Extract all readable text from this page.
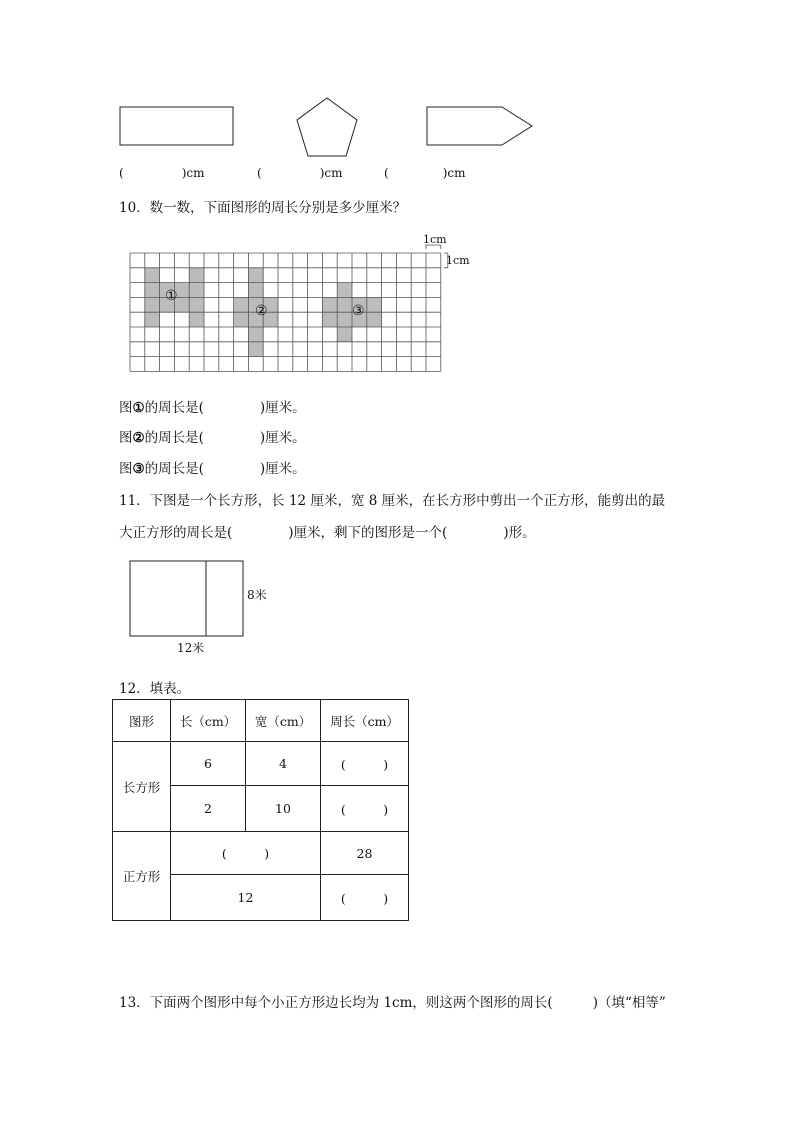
(	)cm	(	)cm	(	)cm
10．数一数，下面图形的周长分别是多少厘米？
1cm
1cm
①
②	③
图①的周长是(	)厘米。
图②的周长是(	)厘米。
图③的周长是(	)厘米。
11．下图是一个长方形，长 12 厘米，宽 8 厘米，在长方形中剪出一个正方形，能剪出的最
大正方形的周长是(	)厘米，剩下的图形是一个(	)形。
8米
12米
12．填表。
图形	长（cm）	宽（cm）	周长（cm）
长方形	6	4	(　　　)
	2	10	(　　　)
正方形	(　　　)		28
	12		(　　　)
13．下面两个图形中每个小正方形边长均为 1cm，则这两个图形的周长(	)（填“相等”
